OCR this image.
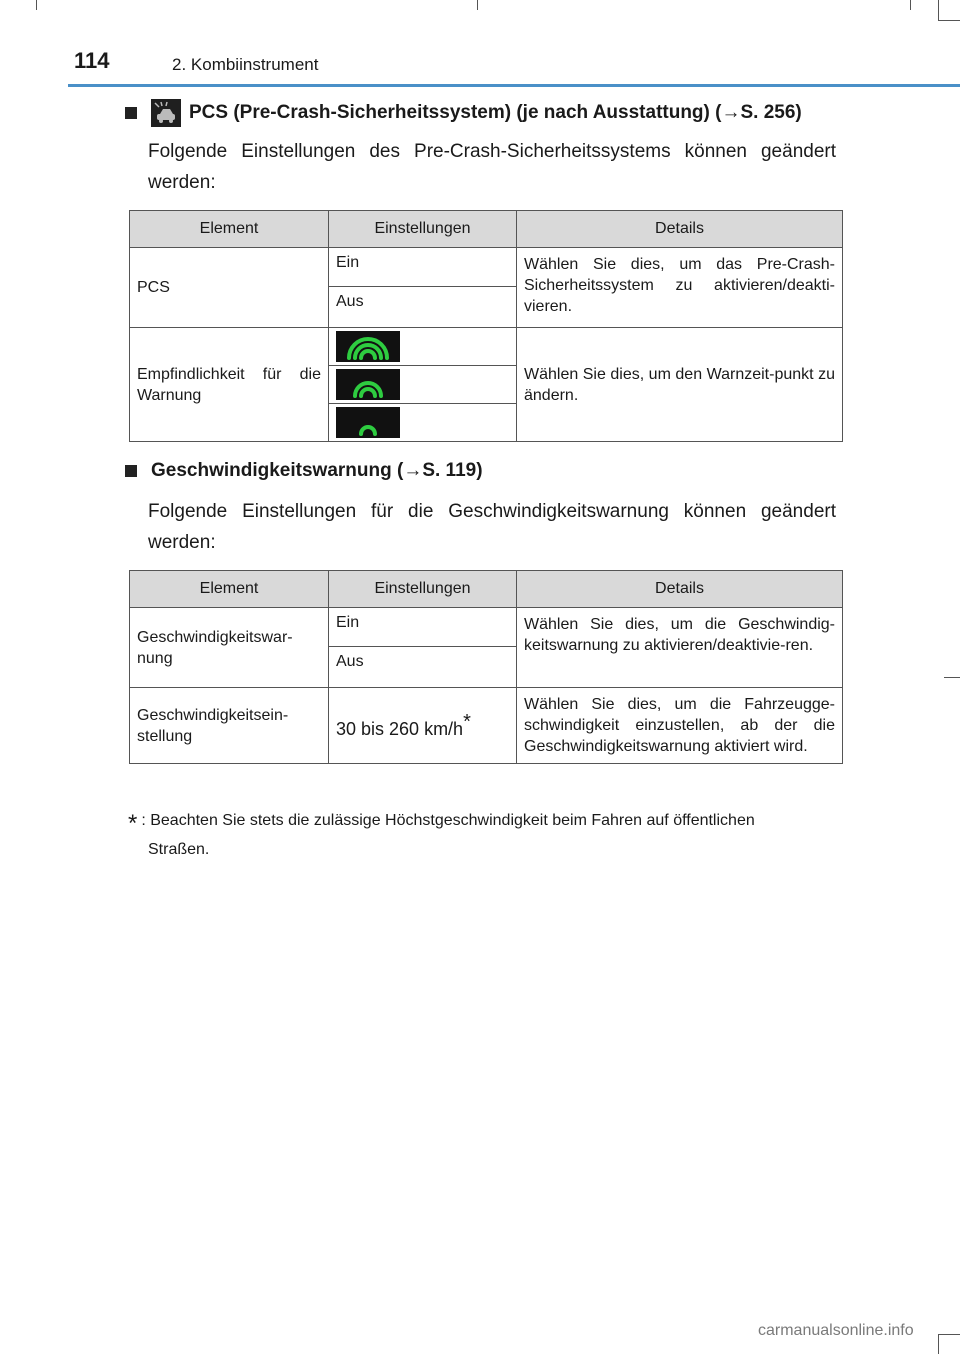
114	2. Kombiinstrument
PCS (Pre-Crash-Sicherheitssystem) (je nach Ausstattung) (→S. 256)
Folgende Einstellungen des Pre-Crash-Sicherheitssystems können geändert werden:
Element	Einstellungen	Details
PCS	Ein	Wählen Sie dies, um das Pre-Crash-Sicherheitssystem zu aktivieren/deakti-vieren.
	Aus	
Empfindlichkeit für die Warnung		Wählen Sie dies, um den Warnzeit-punkt zu ändern.

Geschwindigkeitswarnung (→S. 119)
Folgende Einstellungen für die Geschwindigkeitswarnung können geändert werden:
Element	Einstellungen	Details
Geschwindigkeitswar-nung	Ein	Wählen Sie dies, um die Geschwindig-keitswarnung zu aktivieren/deaktivie-ren.
	Aus	
Geschwindigkeitsein-stellung	30 bis 260 km/h*	Wählen Sie dies, um die Fahrzeugge-schwindigkeit einzustellen, ab der die Geschwindigkeitswarnung aktiviert wird.
* : Beachten Sie stets die zulässige Höchstgeschwindigkeit beim Fahren auf öffentlichen
Straßen.
carmanualsonline.info
